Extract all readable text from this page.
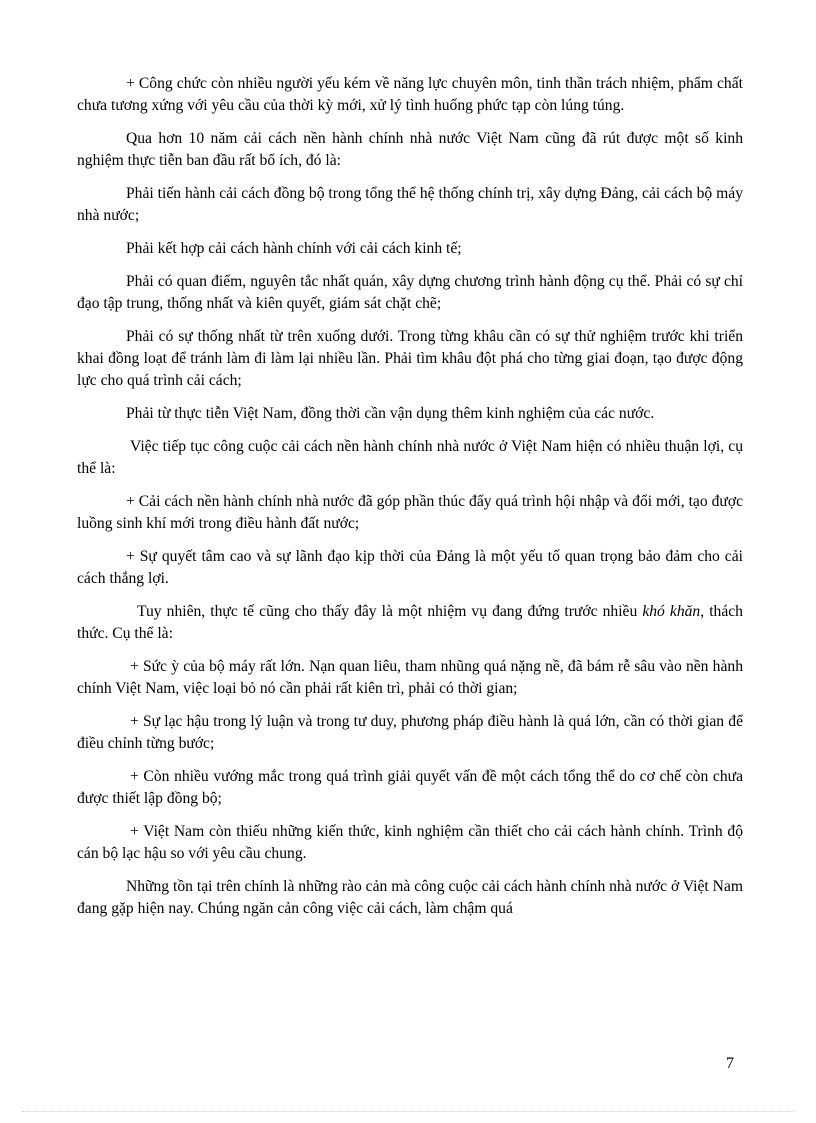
+ Công chức còn nhiều người yếu kém về năng lực chuyên môn, tinh thần trách nhiệm, phẩm chất chưa tương xứng với yêu cầu của thời kỳ mới, xử lý tình huống phức tạp còn lúng túng.

Qua hơn 10 năm cải cách nền hành chính nhà nước Việt Nam cũng đã rút được một số kinh nghiệm thực tiễn ban đầu rất bổ ích, đó là:

Phải tiến hành cải cách đồng bộ trong tổng thể hệ thống chính trị, xây dựng Đảng, cải cách bộ máy nhà nước;

Phải kết hợp cải cách hành chính với cải cách kinh tế;

Phải có quan điểm, nguyên tắc nhất quán, xây dựng chương trình hành động cụ thể. Phải có sự chỉ đạo tập trung, thống nhất và kiên quyết, giám sát chặt chẽ;

Phải có sự thống nhất từ trên xuống dưới. Trong từng khâu cần có sự thử nghiệm trước khi triển khai đồng loạt để tránh làm đi làm lại nhiều lần. Phải tìm khâu đột phá cho từng giai đoạn, tạo được động lực cho quá trình cải cách;

Phải từ thực tiễn Việt Nam, đồng thời cần vận dụng thêm kinh nghiệm của các nước.

Việc tiếp tục công cuộc cải cách nền hành chính nhà nước ở Việt Nam hiện có nhiều thuận lợi, cụ thể là:

+ Cải cách nền hành chính nhà nước đã góp phần thúc đẩy quá trình hội nhập và đổi mới, tạo được luồng sinh khí mới trong điều hành đất nước;

+ Sự quyết tâm cao và sự lãnh đạo kịp thời của Đảng là một yếu tố quan trọng bảo đảm cho cải cách thắng lợi.

Tuy nhiên, thực tế cũng cho thấy đây là một nhiệm vụ đang đứng trước nhiều khó khăn, thách thức. Cụ thể là:

+ Sức ỳ của bộ máy rất lớn. Nạn quan liêu, tham nhũng quá nặng nề, đã bám rễ sâu vào nền hành chính Việt Nam, việc loại bỏ nó cần phải rất kiên trì, phải có thời gian;

+ Sự lạc hậu trong lý luận và trong tư duy, phương pháp điều hành là quá lớn, cần có thời gian để điều chỉnh từng bước;

+ Còn nhiều vướng mắc trong quá trình giải quyết vấn đề một cách tổng thể do cơ chế còn chưa được thiết lập đồng bộ;

+ Việt Nam còn thiếu những kiến thức, kinh nghiệm cần thiết cho cải cách hành chính. Trình độ cán bộ lạc hậu so với yêu cầu chung.

Những tồn tại trên chính là những rào cản mà công cuộc cải cách hành chính nhà nước ở Việt Nam đang gặp hiện nay. Chúng ngăn cản công việc cải cách, làm chậm quá

7
